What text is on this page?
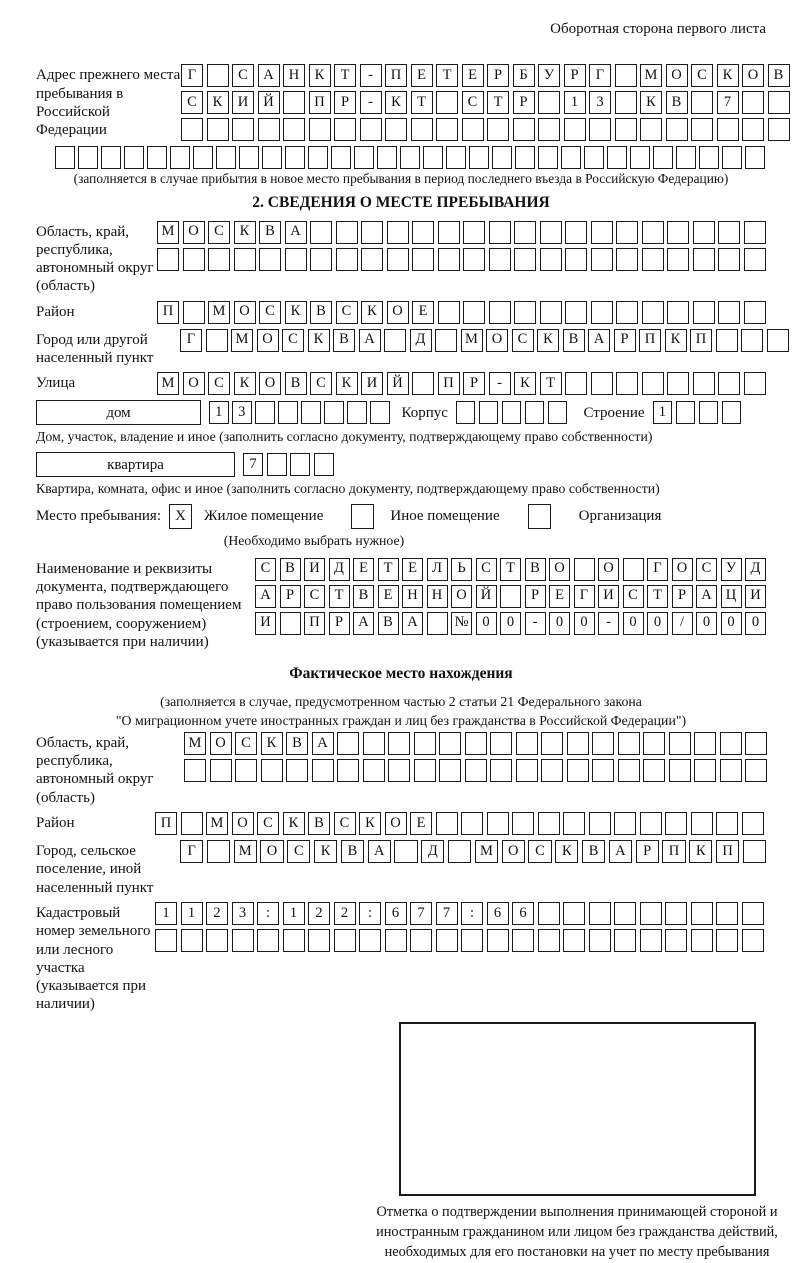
Оборотная сторона первого листа
Адрес прежнего места пребывания в Российской Федерации
Г	С	А	Н	К	Т	-	П	Е	Т	Е	Р	Б	У	Р	Г	М О	С	К	О	В
С	К	И	Й	П	Р	-	К	Т	С	Т	Р	1	3	К	В	7
(заполняется в случае прибытия в новое место пребывания в период последнего въезда в Российскую Федерацию)
2. СВЕДЕНИЯ О МЕСТЕ ПРЕБЫВАНИЯ
Область, край, республика, автономный округ (область)
М О	С	К	В	А
Район	П	М О	С	К	В	С	К	О	Е
Город или другой населенный пункт
Г	М О	С	К	В	А	Д	М О	С	К	В	А	Р	П	К	П
Улица	М О	С	К	О	В	С	К	И	Й	П	Р	-	К	Т
дом	1	3	Корпус	Строение 1
Дом, участок, владение и иное (заполнить согласно документу, подтверждающему право собственности)
квартира	7
Квартира, комната, офис и иное (заполнить согласно документу, подтверждающему право собственности)
Место пребывания: X	Жилое помещение	Иное помещение	Организация
(Необходимо выбрать нужное)
Наименование и реквизиты документа, подтверждающего право пользования помещением (строением, сооружением) (указывается при наличии)
С	В И Д	Е	Т	Е	Л	Ь	С	Т	В О	О	Г	О С	У Д
А	Р	С	Т	В	Е	Н Н О Й	Р	Е	Г	И С	Т	Р	А Ц И
И	П	Р	А В А	№ 0	0	-	0	0	-	0	0	/	0	0	0
Фактическое место нахождения
(заполняется в случае, предусмотренном частью 2 статьи 21 Федерального закона
"О миграционном учете иностранных граждан и лиц без гражданства в Российской Федерации")
Область, край, республика, автономный округ (область)
М О	С	К	В	А
Район	П	М О	С	К	В	С	К	О	Е
Город, сельское поселение, иной населенный пункт
Г	М	О	С	К	В	А	Д	М	О	С	К	В	А	Р	П	К	П
Кадастровый номер земельного или лесного участка (указывается при наличии)
1	1	2	3	:	1	2	2	:	6	7	7	:	6	6
Отметка о подтверждении выполнения принимающей стороной и иностранным гражданином или лицом без гражданства действий, необходимых для его постановки на учет по месту пребывания
